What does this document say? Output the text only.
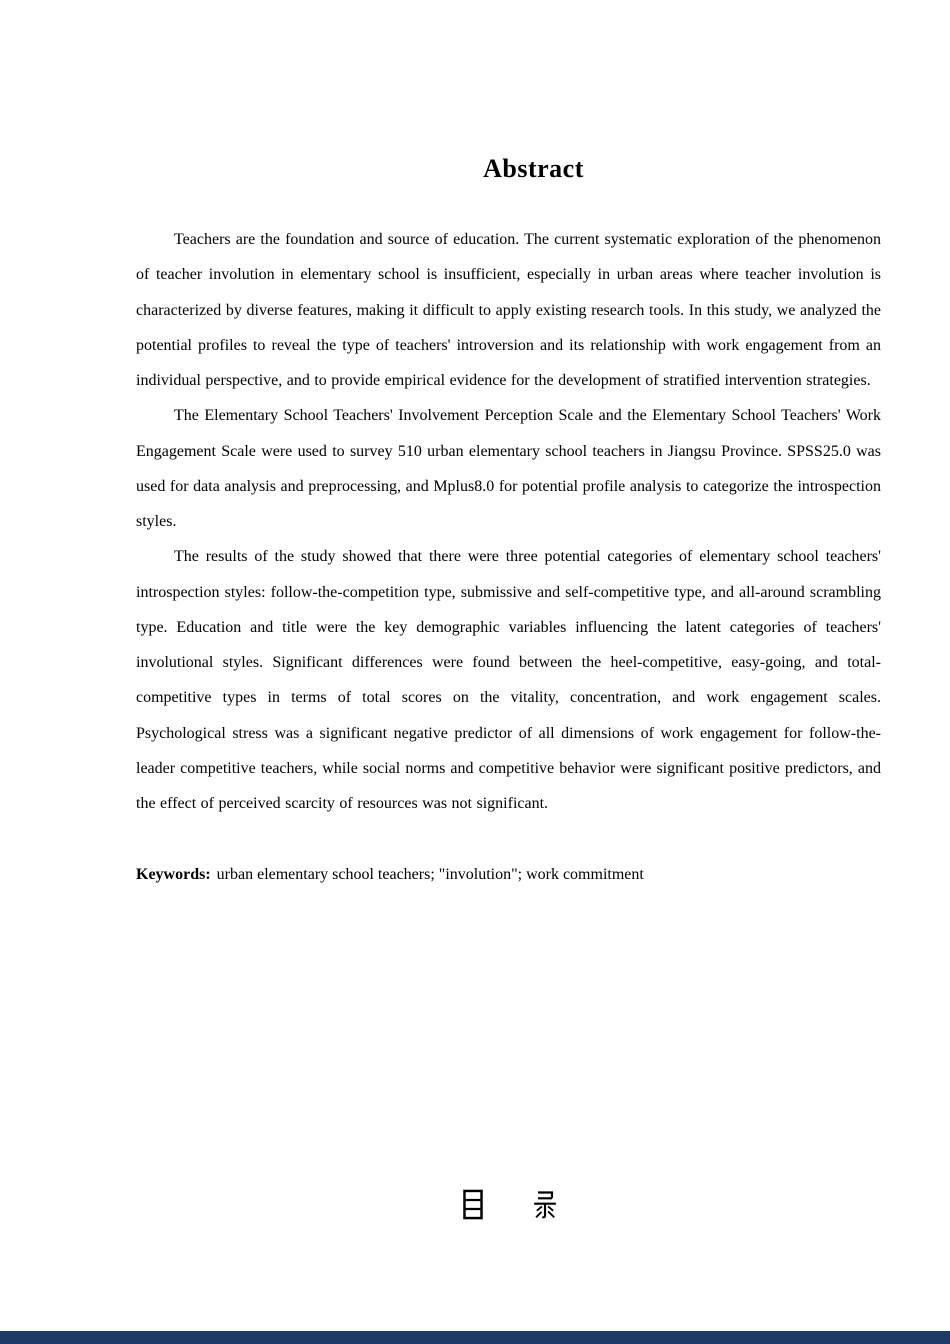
Abstract

Teachers are the foundation and source of education. The current systematic exploration of the phenomenon of teacher involution in elementary school is insufficient, especially in urban areas where teacher involution is characterized by diverse features, making it difficult to apply existing research tools. In this study, we analyzed the potential profiles to reveal the type of teachers' introversion and its relationship with work engagement from an individual perspective, and to provide empirical evidence for the development of stratified intervention strategies.

The Elementary School Teachers' Involvement Perception Scale and the Elementary School Teachers' Work Engagement Scale were used to survey 510 urban elementary school teachers in Jiangsu Province. SPSS25.0 was used for data analysis and preprocessing, and Mplus8.0 for potential profile analysis to categorize the introspection styles.

The results of the study showed that there were three potential categories of elementary school teachers' introspection styles: follow-the-competition type, submissive and self-competitive type, and all-around scrambling type. Education and title were the key demographic variables influencing the latent categories of teachers' involutional styles. Significant differences were found between the heel-competitive, easy-going, and total-competitive types in terms of total scores on the vitality, concentration, and work engagement scales. Psychological stress was a significant negative predictor of all dimensions of work engagement for follow-the-leader competitive teachers, while social norms and competitive behavior were significant positive predictors, and the effect of perceived scarcity of resources was not significant.

Keywords: urban elementary school teachers; "involution"; work commitment
